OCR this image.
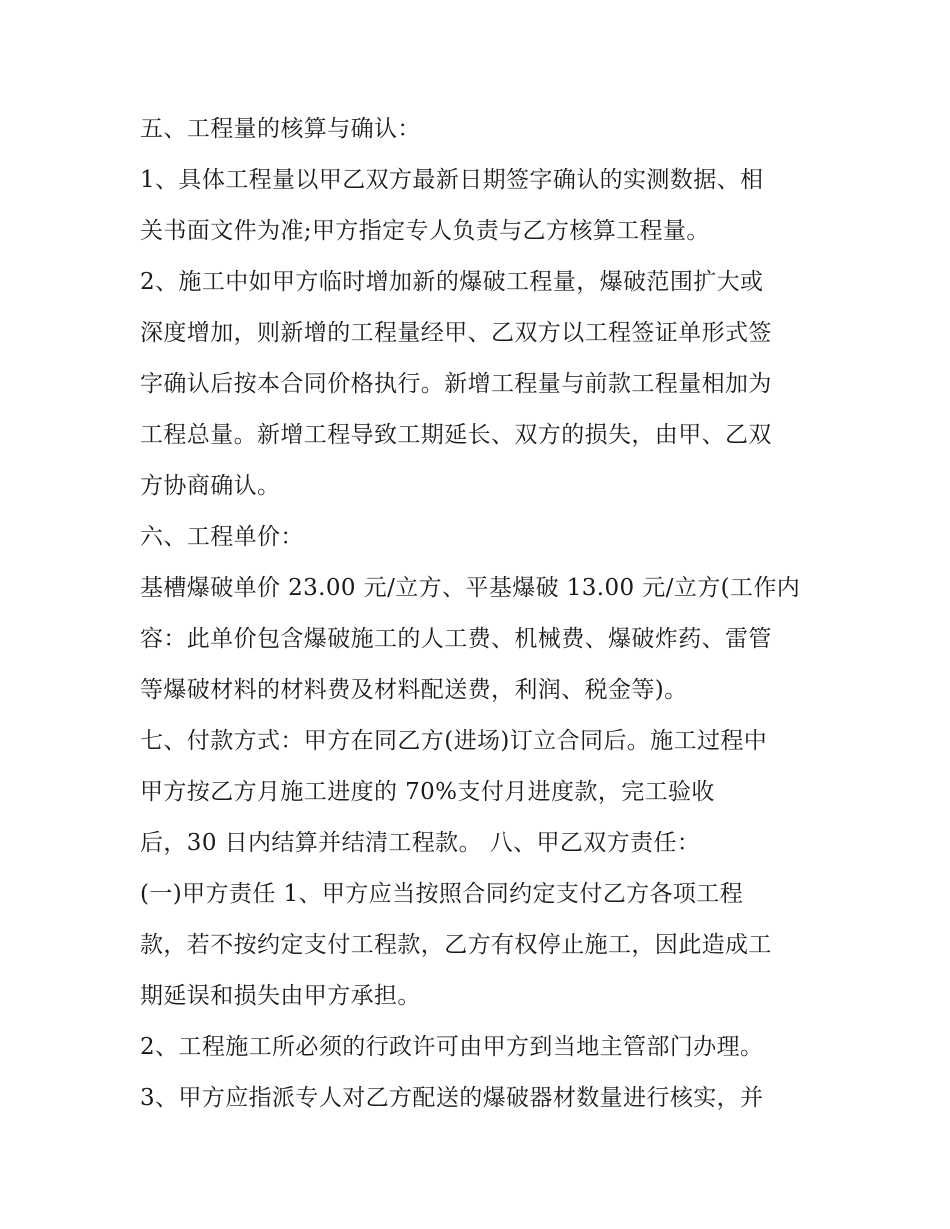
五、工程量的核算与确认：
1、具体工程量以甲乙双方最新日期签字确认的实测数据、相
关书面文件为准;甲方指定专人负责与乙方核算工程量。
2、施工中如甲方临时增加新的爆破工程量，爆破范围扩大或
深度增加，则新增的工程量经甲、乙双方以工程签证单形式签
字确认后按本合同价格执行。新增工程量与前款工程量相加为
工程总量。新增工程导致工期延长、双方的损失，由甲、乙双
方协商确认。
六、工程单价：
基槽爆破单价 23.00 元/立方、平基爆破 13.00 元/立方(工作内
容：此单价包含爆破施工的人工费、机械费、爆破炸药、雷管
等爆破材料的材料费及材料配送费，利润、税金等)。
七、付款方式：甲方在同乙方(进场)订立合同后。施工过程中
甲方按乙方月施工进度的 70%支付月进度款，完工验收
后，30 日内结算并结清工程款。 八、甲乙双方责任：
(一)甲方责任 1、甲方应当按照合同约定支付乙方各项工程
款，若不按约定支付工程款，乙方有权停止施工，因此造成工
期延误和损失由甲方承担。
2、工程施工所必须的行政许可由甲方到当地主管部门办理。
3、甲方应指派专人对乙方配送的爆破器材数量进行核实，并
